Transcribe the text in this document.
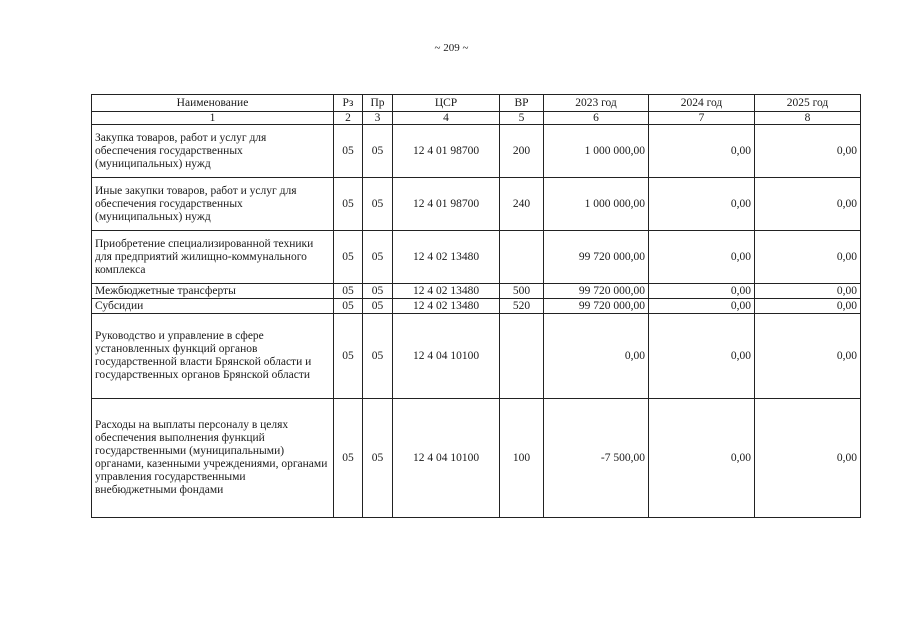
~ 209 ~
Наименование	Рз	Пр	ЦСР	ВР	2023 год	2024 год	2025 год
1	2	3	4	5	6	7	8
Закупка товаров, работ и услуг для обеспечения государственных (муниципальных) нужд	05	05	12 4 01 98700	200	1 000 000,00	0,00	0,00
Иные закупки товаров, работ и услуг для обеспечения государственных (муниципальных) нужд	05	05	12 4 01 98700	240	1 000 000,00	0,00	0,00
Приобретение специализированной техники для предприятий жилищно-коммунального комплекса	05	05	12 4 02 13480		99 720 000,00	0,00	0,00
Межбюджетные трансферты	05	05	12 4 02 13480	500	99 720 000,00	0,00	0,00
Субсидии	05	05	12 4 02 13480	520	99 720 000,00	0,00	0,00
Руководство и управление в сфере установленных функций органов государственной власти Брянской области и государственных органов Брянской области	05	05	12 4 04 10100		0,00	0,00	0,00
Расходы на выплаты персоналу в целях обеспечения выполнения функций государственными (муниципальными) органами, казенными учреждениями, органами управления государственными внебюджетными фондами	05	05	12 4 04 10100	100	-7 500,00	0,00	0,00
